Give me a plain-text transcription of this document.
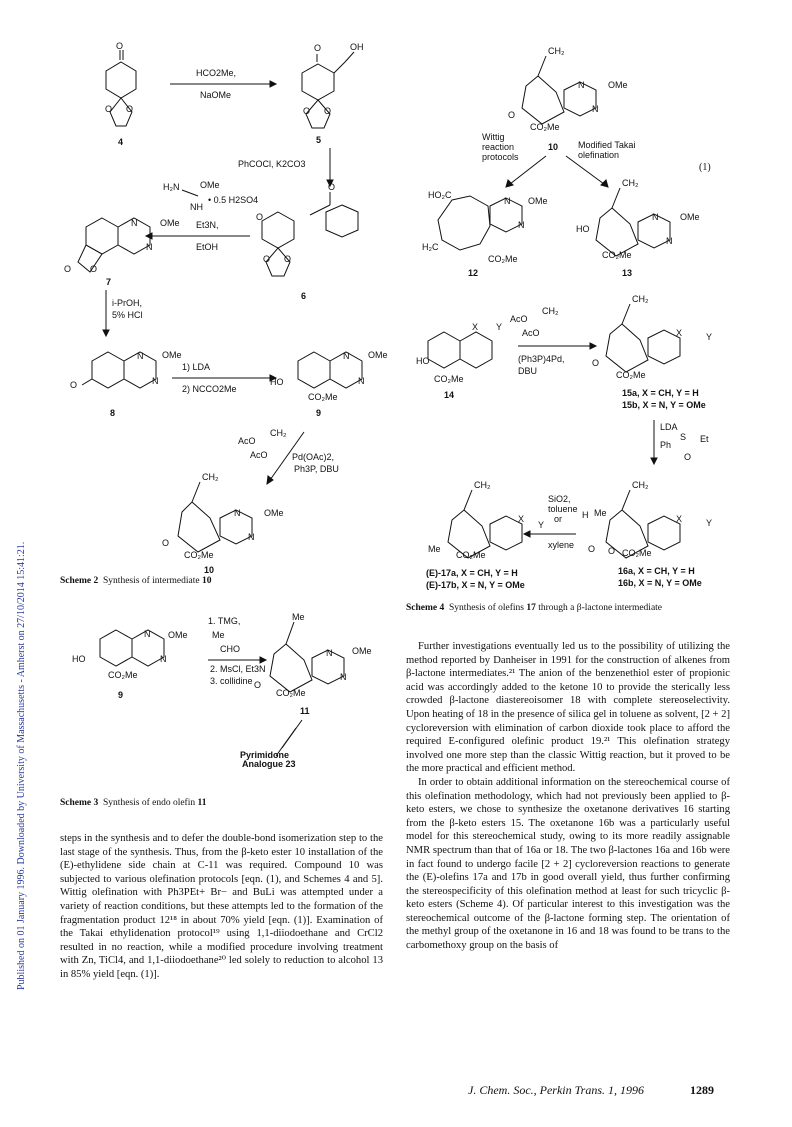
Published on 01 January 1996. Downloaded by University of Massachusetts - Amherst on 27/10/2014 15:41:21.
O
O
O
4
HCO2Me,
NaOMe
O	OH
O
O
5
PhCOCl, K2CO3
O
O
O
O
6
H₂N OMe
NH
• 0.5 H2SO4
Et3N,
EtOH
N
N
OMe
O O
7
i-PrOH,
5% HCl
N
N
OMe
O
8
1) LDA
2) NCCO2Me
N
N
OMe
HO
CO₂Me
9
AcO
CH₂
AcO	Pd(OAc)2,
Ph3P, DBU
CH₂
N
N
OMe
O
CO₂Me
10
Scheme 2 Synthesis of intermediate 10
N
N
OMe
HO
CO₂Me
9
1. TMG,
Me
CHO
2. MsCl, Et3N
3. collidine
Me
N
N
OMe
O
CO₂Me
11
Pyrimidone
Analogue 23
Scheme 3 Synthesis of endo olefin 11
CH₂
N
N
OMe
O
CO₂Me
10
Wittig
reaction
protocols
Modified Takai
olefination
HO₂C
N
N
OMe
H₂C
CO₂Me
12
CH₂
N
N
OMe
HO
CO₂Me
13
(1)
X Y
HO
CO₂Me
14
AcO
CH₂
AcO
(Ph3P)4Pd,
DBU
CH₂
X	Y
O
CO₂Me
15a, X = CH, Y = H
15b, X = N, Y = OMe
LDA
Ph
S Et
O
CH₂
X	Y
H Me
O O CO₂Me
16a, X = CH, Y = H
16b, X = N, Y = OMe
SiO2,
toluene
or
xylene
CH₂
X
Y
Me
CO₂Me
(E)-17a, X = CH, Y = H
(E)-17b, X = N, Y = OMe
Scheme 4 Synthesis of olefins 17 through a β-lactone intermediate

steps in the synthesis and to defer the double-bond isomerization step to the last stage of the synthesis. Thus, from the β-keto ester 10 installation of the (E)-ethylidene side chain at C-11 was required. Compound 10 was subjected to various olefination protocols [eqn. (1), and Schemes 4 and 5]. Wittig olefination with Ph3PEt+ Br− and BuLi was attempted under a variety of reaction conditions, but these attempts led to the formation of the fragmentation product 12¹⁸ in about 70% yield [eqn. (1)]. Examination of the Takai ethylidenation protocol¹⁹ using 1,1-diiodoethane and CrCl2 resulted in no reaction, while a modified procedure involving treatment with Zn, TiCl4, and 1,1-diiodoethane²⁰ led solely to reduction to alcohol 13 in 85% yield [eqn. (1)].

Further investigations eventually led us to the possibility of utilizing the method reported by Danheiser in 1991 for the construction of alkenes from β-lactone intermediates.²¹ The anion of the benzenethiol ester of propionic acid was accordingly added to the ketone 10 to provide the sterically less crowded β-lactone diastereoisomer 18 with complete stereoselectivity. Upon heating of 18 in the presence of silica gel in toluene as solvent, [2 + 2] cycloreversion with elimination of carbon dioxide took place to afford the required E-configured olefinic product 19.²¹ This olefination strategy involved one more step than the classic Wittig reaction, but it proved to be the more practical and efficient method.

In order to obtain additional information on the stereochemical course of this olefination methodology, which had not previously been applied to β-keto esters, we chose to synthesize the oxetanone derivatives 16 starting from the β-keto esters 15. The oxetanone 16b was a particularly useful model for this stereochemical study, owing to its more readily assignable NMR spectrum than that of 16a or 18. The two β-lactones 16a and 16b were in fact found to undergo facile [2 + 2] cycloreversion reactions to generate the (E)-olefins 17a and 17b in good overall yield, thus further confirming the stereospecificity of this olefination method at least for such tricyclic β-keto esters (Scheme 4). Of particular interest to this investigation was the stereochemical outcome of the β-lactone forming step. The orientation of the methyl group of the oxetanone in 16 and 18 was found to be trans to the carbomethoxy group on the basis of

J. Chem. Soc., Perkin Trans. 1, 1996	1289
